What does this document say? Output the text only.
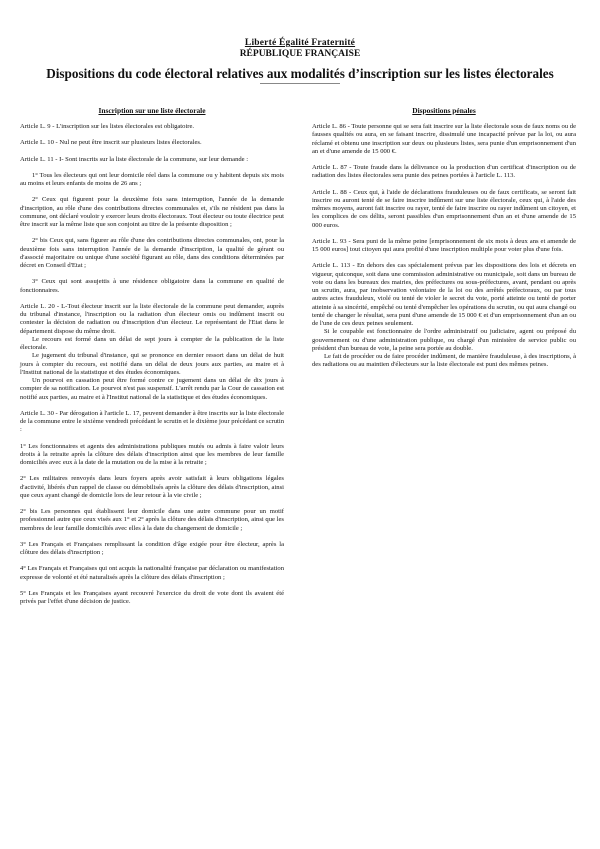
Liberté Égalité Fraternité
RÉPUBLIQUE FRANÇAISE
Dispositions du code électoral relatives aux modalités d’inscription sur les listes électorales
Inscription sur une liste électorale

Article L. 9 - L'inscription sur les listes électorales est obligatoire.

Article L. 10 - Nul ne peut être inscrit sur plusieurs listes électorales.

Article L. 11 - I- Sont inscrits sur la liste électorale de la commune, sur leur demande :

1° Tous les électeurs qui ont leur domicile réel dans la commune ou y habitent depuis six mois au moins et leurs enfants de moins de 26 ans ;

2° Ceux qui figurent pour la deuxième fois sans interruption, l'année de la demande d'inscription, au rôle d'une des contributions directes communales et, s'ils ne résident pas dans la commune, ont déclaré vouloir y exercer leurs droits électoraux. Tout électeur ou toute électrice peut être inscrit sur la même liste que son conjoint au titre de la présente disposition ;

2° bis Ceux qui, sans figurer au rôle d'une des contributions directes communales, ont, pour la deuxième fois sans interruption l'année de la demande d'inscription, la qualité de gérant ou d'associé majoritaire ou unique d'une société figurant au rôle, dans des conditions déterminées par décret en Conseil d'Etat ;

3° Ceux qui sont assujettis à une résidence obligatoire dans la commune en qualité de fonctionnaires.

Article L. 20 - L-Tout électeur inscrit sur la liste électorale de la commune peut demander, auprès du tribunal d'instance, l'inscription ou la radiation d'un électeur omis ou indûment inscrit ou contester la décision de radiation ou d'inscription d'un électeur. Le représentant de l'Etat dans le département dispose du même droit.

Le recours est formé dans un délai de sept jours à compter de la publication de la liste électorale.

Le jugement du tribunal d'instance, qui se prononce en dernier ressort dans un délai de huit jours à compter du recours, est notifié dans un délai de deux jours aux parties, au maire et à l'Institut national de la statistique et des études économiques.

Un pourvoi en cassation peut être formé contre ce jugement dans un délai de dix jours à compter de sa notification. Le pourvoi n'est pas suspensif. L'arrêt rendu par la Cour de cassation est notifié aux parties, au maire et à l'Institut national de la statistique et des études économiques.

Article L. 30 - Par dérogation à l'article L. 17, peuvent demander à être inscrits sur la liste électorale de la commune entre le sixième vendredi précédant le scrutin et le dixième jour précédant ce scrutin :

1° Les fonctionnaires et agents des administrations publiques mutés ou admis à faire valoir leurs droits à la retraite après la clôture des délais d'inscription ainsi que les membres de leur famille domiciliés avec eux à la date de la mutation ou de la mise à la retraite ;

2° Les militaires renvoyés dans leurs foyers après avoir satisfait à leurs obligations légales d'activité, libérés d'un rappel de classe ou démobilisés après la clôture des délais d'inscription, ainsi que ceux ayant changé de domicile lors de leur retour à la vie civile ;

2° bis Les personnes qui établissent leur domicile dans une autre commune pour un motif professionnel autre que ceux visés aux 1° et 2° après la clôture des délais d'inscription, ainsi que les membres de leur famille domiciliés avec elles à la date du changement de domicile ;

3° Les Français et Françaises remplissant la condition d'âge exigée pour être électeur, après la clôture des délais d'inscription ;

4° Les Français et Françaises qui ont acquis la nationalité française par déclaration ou manifestation expresse de volonté et été naturalisés après la clôture des délais d'inscription ;

5° Les Français et les Françaises ayant recouvré l'exercice du droit de vote dont ils avaient été privés par l'effet d'une décision de justice.

Dispositions pénales

Article L. 86 - Toute personne qui se sera fait inscrire sur la liste électorale sous de faux noms ou de fausses qualités ou aura, en se faisant inscrire, dissimulé une incapacité prévue par la loi, ou aura réclamé et obtenu une inscription sur deux ou plusieurs listes, sera punie d'un emprisonnement d'un an et d'une amende de 15 000 €.

Article L. 87 - Toute fraude dans la délivrance ou la production d'un certificat d'inscription ou de radiation des listes électorales sera punie des peines portées à l'article L. 113.

Article L. 88 - Ceux qui, à l'aide de déclarations frauduleuses ou de faux certificats, se seront fait inscrire ou auront tenté de se faire inscrire indûment sur une liste électorale, ceux qui, à l'aide des mêmes moyens, auront fait inscrire ou rayer, tenté de faire inscrire ou rayer indûment un citoyen, et les complices de ces délits, seront passibles d'un emprisonnement d'un an et d'une amende de 15 000 euros.

Article L. 93 - Sera puni de la même peine [emprisonnement de six mois à deux ans et amende de 15 000 euros] tout citoyen qui aura profité d'une inscription multiple pour voter plus d'une fois.

Article L. 113 - En dehors des cas spécialement prévus par les dispositions des lois et décrets en vigueur, quiconque, soit dans une commission administrative ou municipale, soit dans un bureau de vote ou dans les bureaux des mairies, des préfectures ou sous-préfectures, avant, pendant ou après un scrutin, aura, par inobservation volontaire de la loi ou des arrêtés préfectoraux, ou par tous autres actes frauduleux, violé ou tenté de violer le secret du vote, porté atteinte ou tenté de porter atteinte à sa sincérité, empêché ou tenté d'empêcher les opérations du scrutin, ou qui aura changé ou tenté de changer le résultat, sera puni d'une amende de 15 000 € et d'un emprisonnement d'un an ou de l'une de ces deux peines seulement.

Si le coupable est fonctionnaire de l'ordre administratif ou judiciaire, agent ou préposé du gouvernement ou d'une administration publique, ou chargé d'un ministère de service public ou président d'un bureau de vote, la peine sera portée au double.

Le fait de procéder ou de faire procéder indûment, de manière frauduleuse, à des inscriptions, à des radiations ou au maintien d'électeurs sur la liste électorale est puni des mêmes peines.
